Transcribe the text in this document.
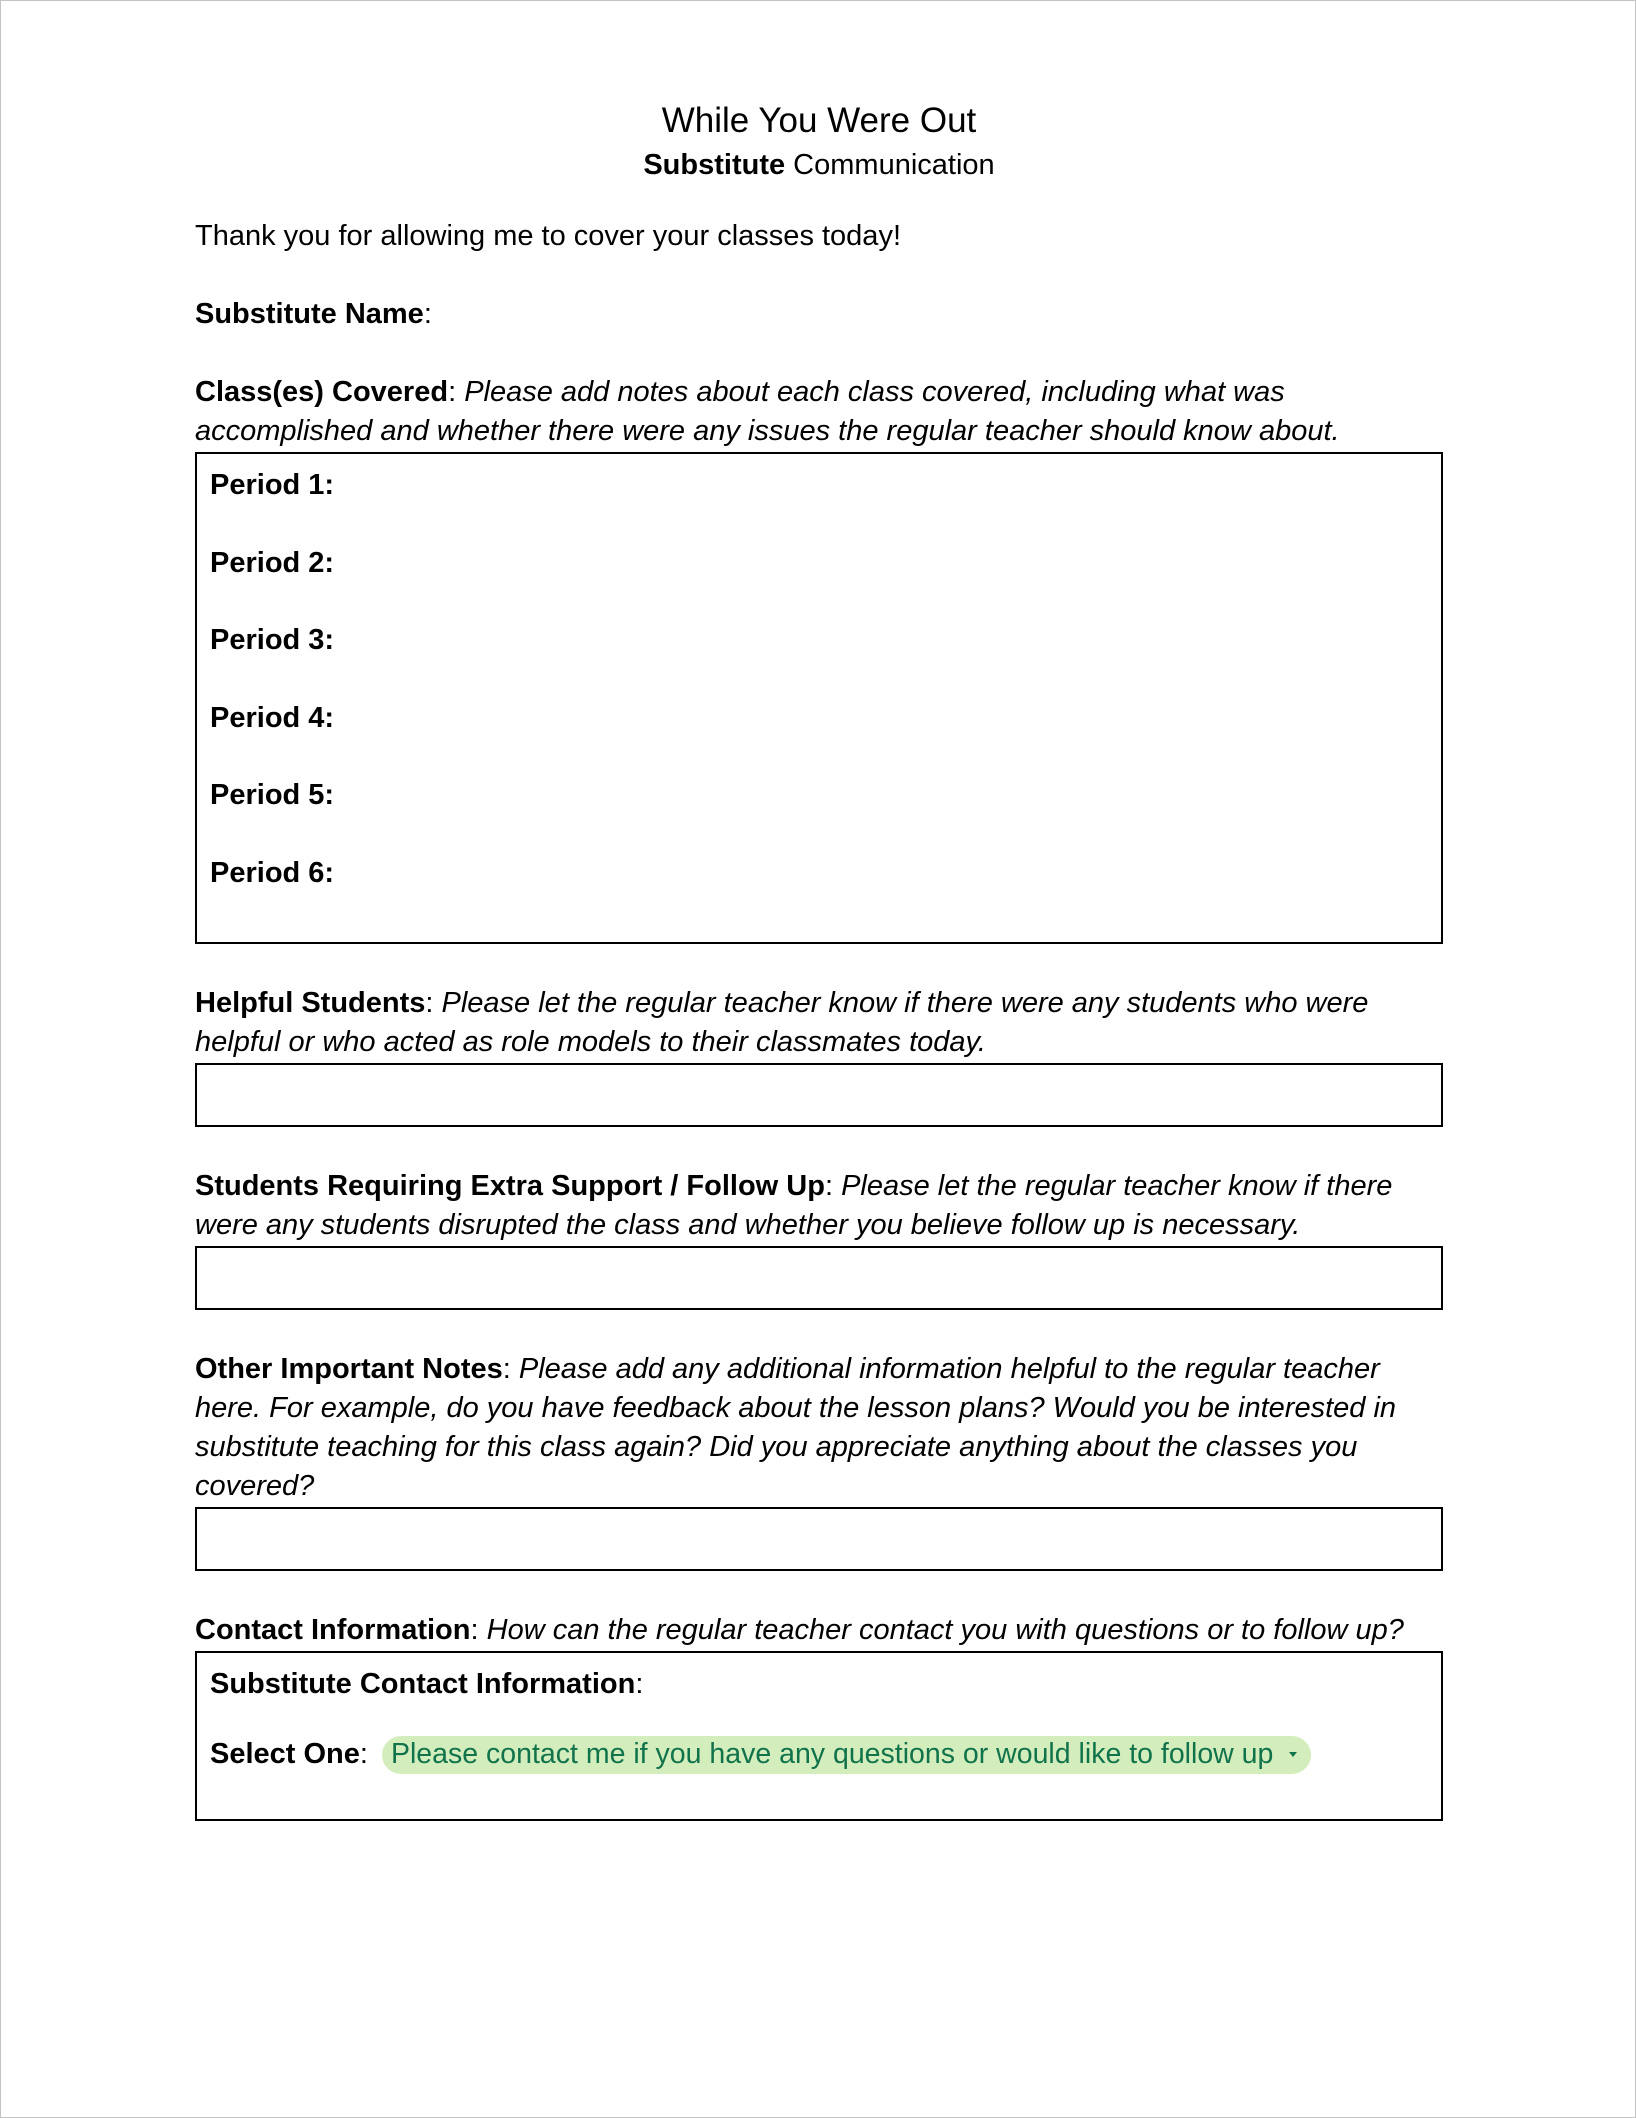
While You Were Out

Substitute Communication

Thank you for allowing me to cover your classes today!

Substitute Name:

Class(es) Covered: Please add notes about each class covered, including what was accomplished and whether there were any issues the regular teacher should know about.

Period 1:
Period 2:
Period 3:
Period 4:
Period 5:
Period 6:

Helpful Students: Please let the regular teacher know if there were any students who were helpful or who acted as role models to their classmates today.

Students Requiring Extra Support / Follow Up: Please let the regular teacher know if there were any students disrupted the class and whether you believe follow up is necessary.

Other Important Notes: Please add any additional information helpful to the regular teacher here. For example, do you have feedback about the lesson plans? Would you be interested in substitute teaching for this class again? Did you appreciate anything about the classes you covered?

Contact Information: How can the regular teacher contact you with questions or to follow up?

Substitute Contact Information:
Select One : Please contact me if you have any questions or would like to follow up
